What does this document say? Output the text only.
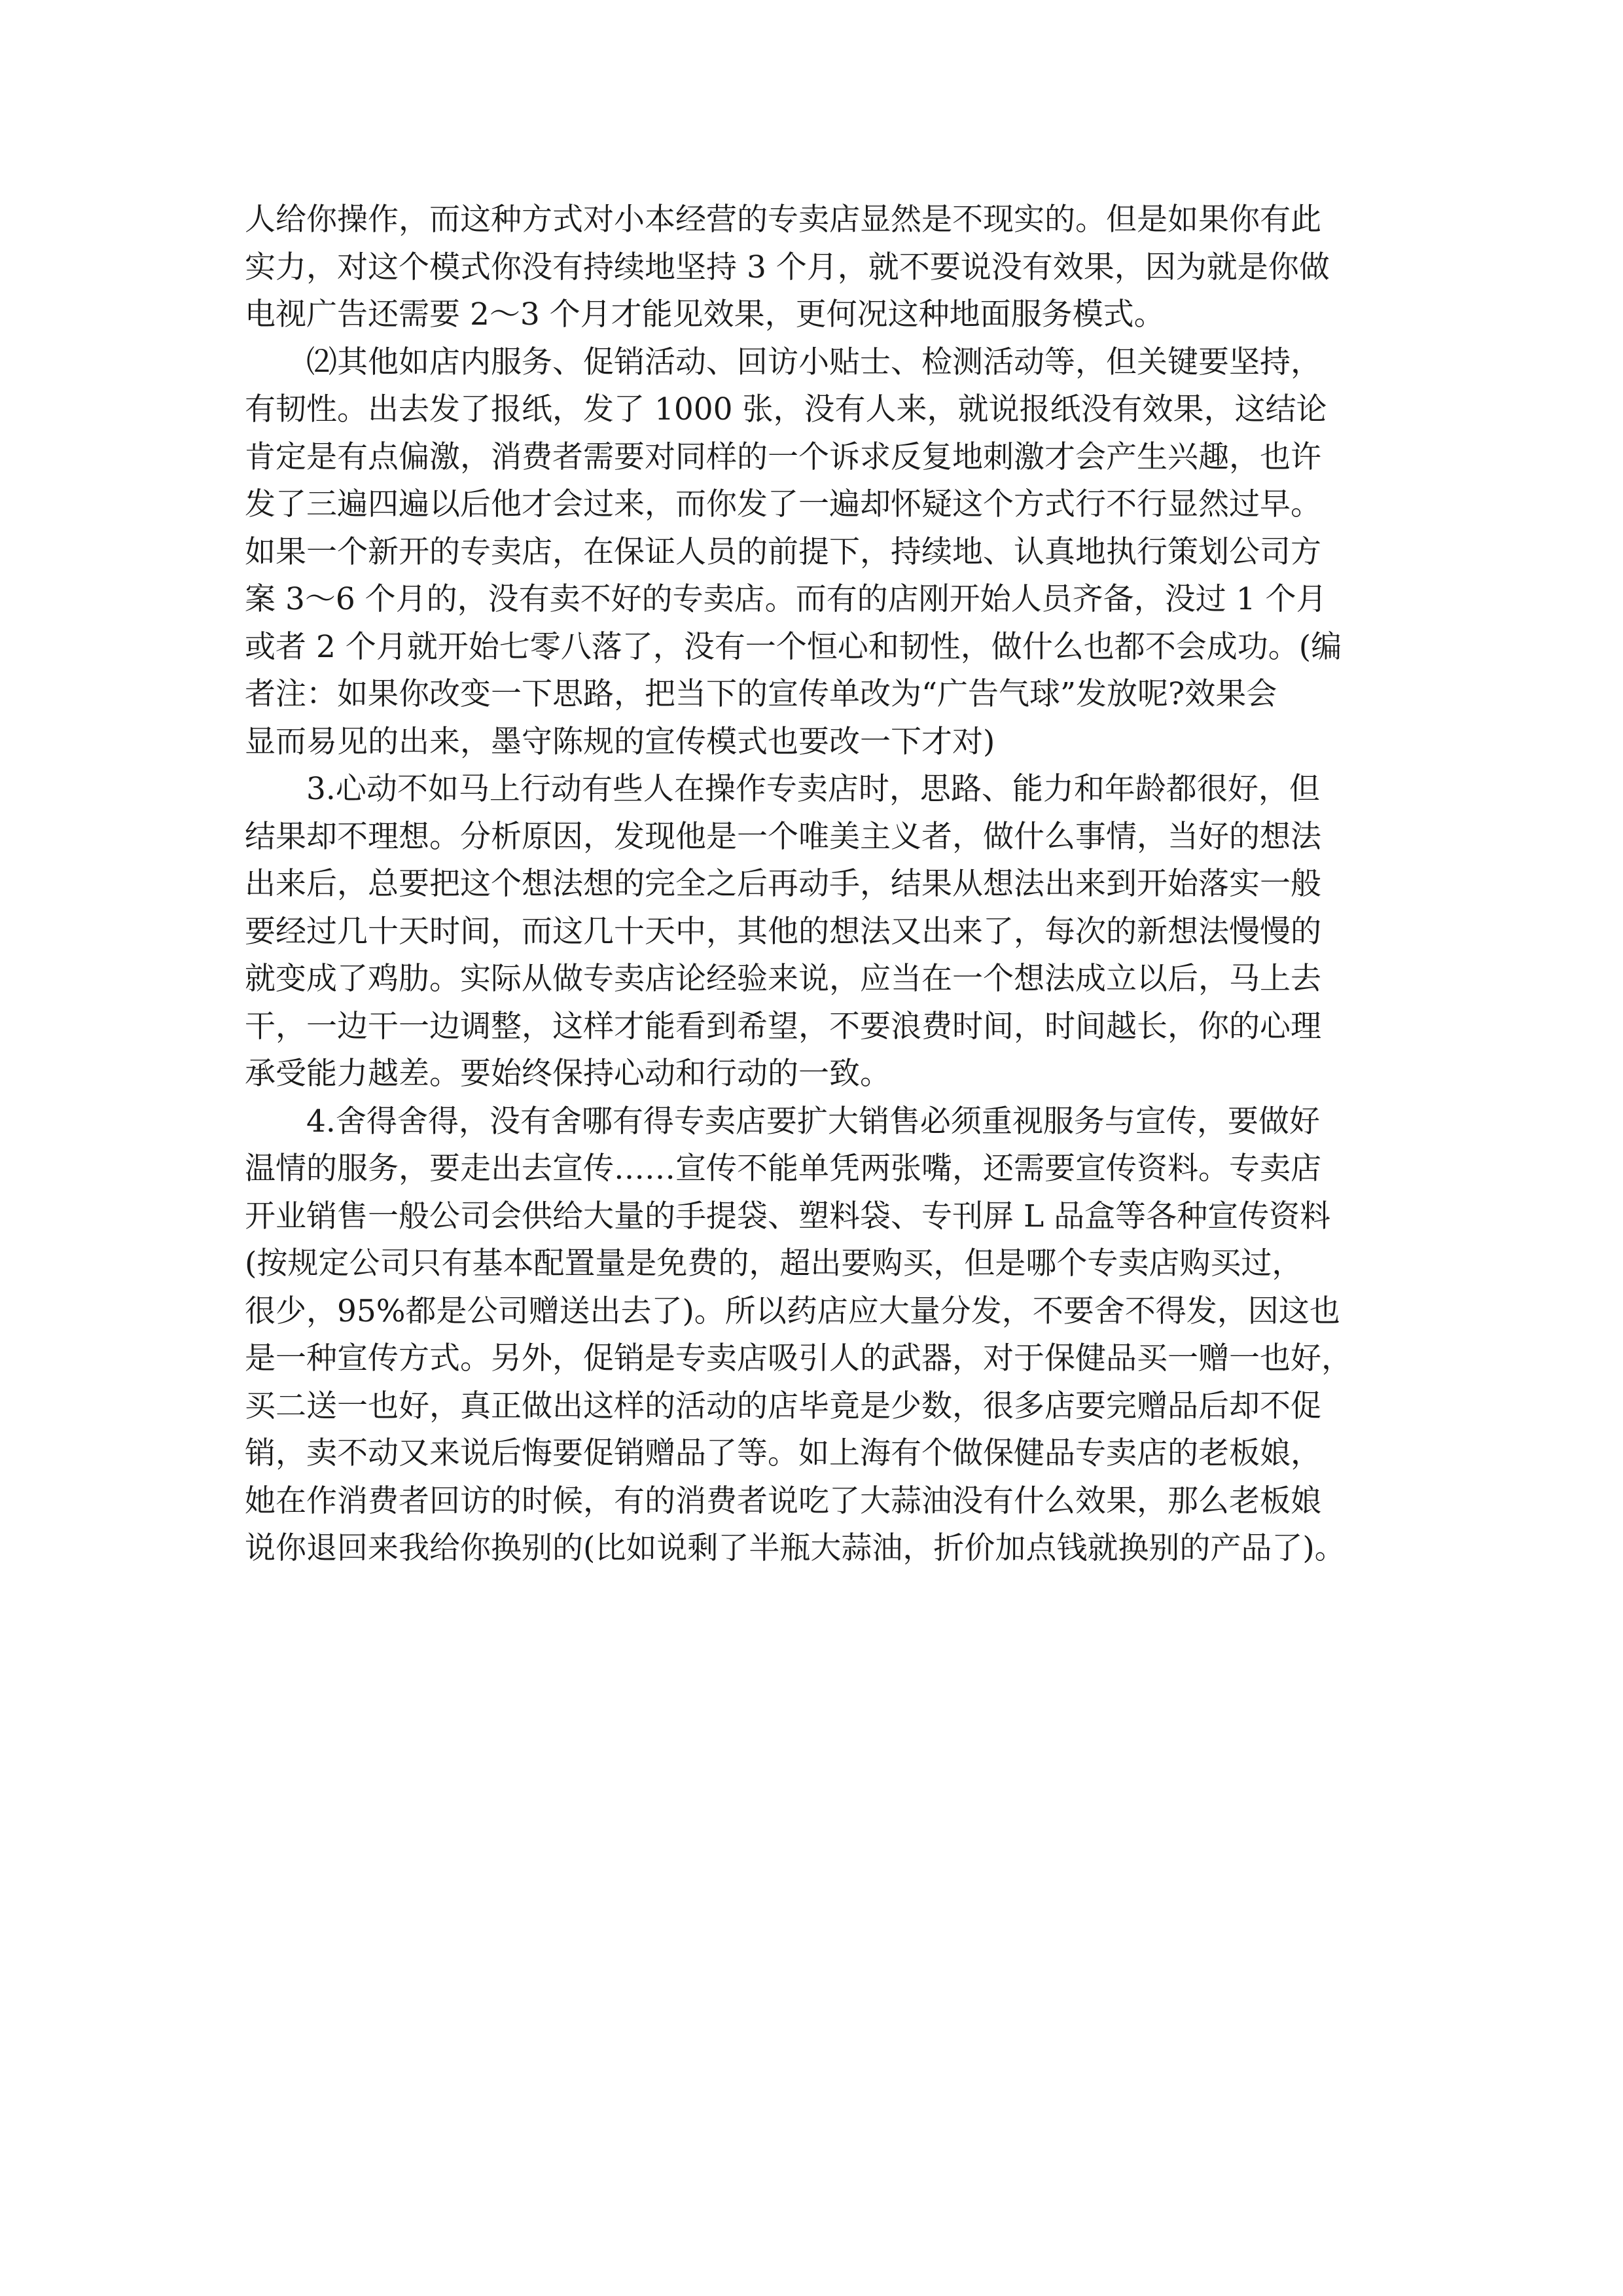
人给你操作，而这种方式对小本经营的专卖店显然是不现实的。但是如果你有此
实力，对这个模式你没有持续地坚持 3 个月，就不要说没有效果，因为就是你做
电视广告还需要 2～3 个月才能见效果，更何况这种地面服务模式。
⑵其他如店内服务、促销活动、回访小贴士、检测活动等，但关键要坚持，
有韧性。出去发了报纸，发了 1000 张，没有人来，就说报纸没有效果，这结论
肯定是有点偏激，消费者需要对同样的一个诉求反复地刺激才会产生兴趣，也许
发了三遍四遍以后他才会过来，而你发了一遍却怀疑这个方式行不行显然过早。
如果一个新开的专卖店，在保证人员的前提下，持续地、认真地执行策划公司方
案 3～6 个月的，没有卖不好的专卖店。而有的店刚开始人员齐备，没过 1 个月
或者 2 个月就开始七零八落了，没有一个恒心和韧性，做什么也都不会成功。(编
者注：如果你改变一下思路，把当下的宣传单改为“广告气球”发放呢?效果会
显而易见的出来，墨守陈规的宣传模式也要改一下才对)
3.心动不如马上行动有些人在操作专卖店时，思路、能力和年龄都很好，但
结果却不理想。分析原因，发现他是一个唯美主义者，做什么事情，当好的想法
出来后，总要把这个想法想的完全之后再动手，结果从想法出来到开始落实一般
要经过几十天时间，而这几十天中，其他的想法又出来了，每次的新想法慢慢的
就变成了鸡肋。实际从做专卖店论经验来说，应当在一个想法成立以后，马上去
干，一边干一边调整，这样才能看到希望，不要浪费时间，时间越长，你的心理
承受能力越差。要始终保持心动和行动的一致。
4.舍得舍得，没有舍哪有得专卖店要扩大销售必须重视服务与宣传，要做好
温情的服务，要走出去宣传……宣传不能单凭两张嘴，还需要宣传资料。专卖店
开业销售一般公司会供给大量的手提袋、塑料袋、专刊屏 L 品盒等各种宣传资料
(按规定公司只有基本配置量是免费的，超出要购买，但是哪个专卖店购买过，
很少，95%都是公司赠送出去了)。所以药店应大量分发，不要舍不得发，因这也
是一种宣传方式。另外，促销是专卖店吸引人的武器，对于保健品买一赠一也好，
买二送一也好，真正做出这样的活动的店毕竟是少数，很多店要完赠品后却不促
销，卖不动又来说后悔要促销赠品了等。如上海有个做保健品专卖店的老板娘，
她在作消费者回访的时候，有的消费者说吃了大蒜油没有什么效果，那么老板娘
说你退回来我给你换别的(比如说剩了半瓶大蒜油，折价加点钱就换别的产品了)。
